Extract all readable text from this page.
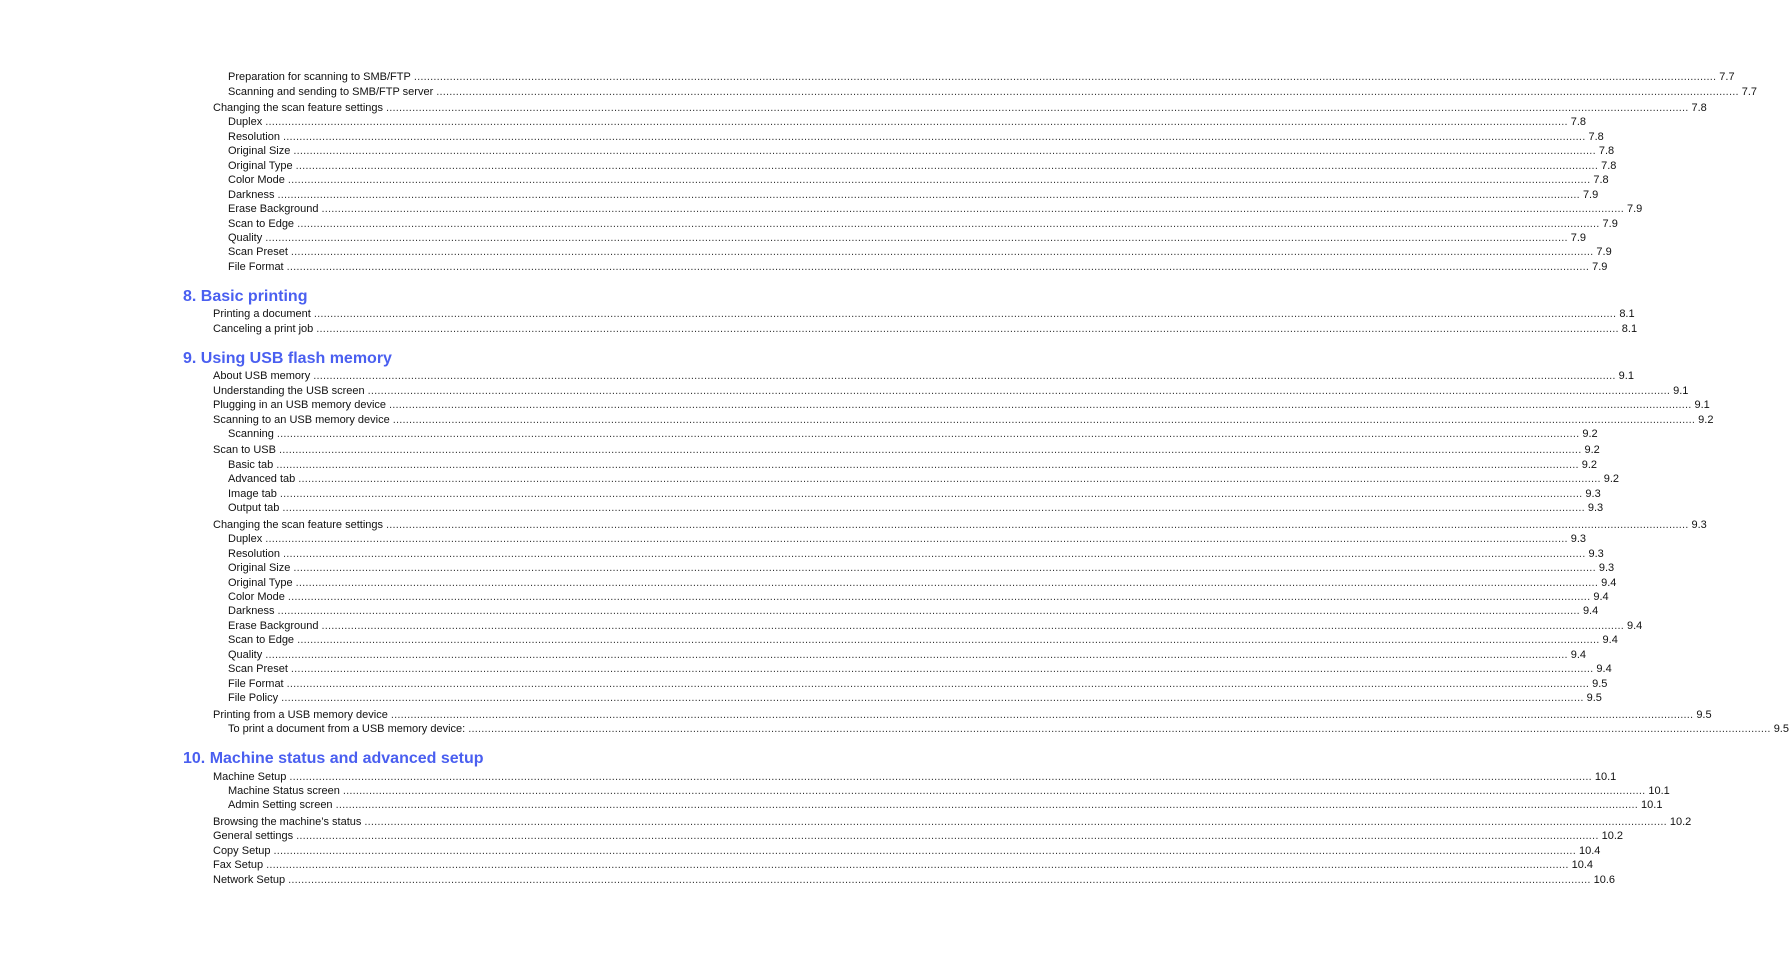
Preparation for scanning to SMB/FTP ................................................................................................................................................................................................................................................................................................................................................................................................................ 7.7
Scanning and sending to SMB/FTP server ................................................................................................................................................................................................................................................................................................................................................................................................................ 7.7
Changing the scan feature settings ................................................................................................................................................................................................................................................................................................................................................................................................................ 7.8
Duplex ................................................................................................................................................................................................................................................................................................................................................................................................................ 7.8
Resolution ................................................................................................................................................................................................................................................................................................................................................................................................................ 7.8
Original Size ................................................................................................................................................................................................................................................................................................................................................................................................................ 7.8
Original Type ................................................................................................................................................................................................................................................................................................................................................................................................................ 7.8
Color Mode ................................................................................................................................................................................................................................................................................................................................................................................................................ 7.8
Darkness ................................................................................................................................................................................................................................................................................................................................................................................................................ 7.9
Erase Background ................................................................................................................................................................................................................................................................................................................................................................................................................ 7.9
Scan to Edge ................................................................................................................................................................................................................................................................................................................................................................................................................ 7.9
Quality ................................................................................................................................................................................................................................................................................................................................................................................................................ 7.9
Scan Preset ................................................................................................................................................................................................................................................................................................................................................................................................................ 7.9
File Format ................................................................................................................................................................................................................................................................................................................................................................................................................ 7.9
8. Basic printing
Printing a document ................................................................................................................................................................................................................................................................................................................................................................................................................ 8.1
Canceling a print job ................................................................................................................................................................................................................................................................................................................................................................................................................ 8.1
9. Using USB flash memory
About USB memory ................................................................................................................................................................................................................................................................................................................................................................................................................ 9.1
Understanding the USB screen ................................................................................................................................................................................................................................................................................................................................................................................................................ 9.1
Plugging in an USB memory device ................................................................................................................................................................................................................................................................................................................................................................................................................ 9.1
Scanning to an USB memory device ................................................................................................................................................................................................................................................................................................................................................................................................................ 9.2
Scanning ................................................................................................................................................................................................................................................................................................................................................................................................................ 9.2
Scan to USB ................................................................................................................................................................................................................................................................................................................................................................................................................ 9.2
Basic tab ................................................................................................................................................................................................................................................................................................................................................................................................................ 9.2
Advanced tab ................................................................................................................................................................................................................................................................................................................................................................................................................ 9.2
Image tab ................................................................................................................................................................................................................................................................................................................................................................................................................ 9.3
Output tab ................................................................................................................................................................................................................................................................................................................................................................................................................ 9.3
Changing the scan feature settings ................................................................................................................................................................................................................................................................................................................................................................................................................ 9.3
Duplex ................................................................................................................................................................................................................................................................................................................................................................................................................ 9.3
Resolution ................................................................................................................................................................................................................................................................................................................................................................................................................ 9.3
Original Size ................................................................................................................................................................................................................................................................................................................................................................................................................ 9.3
Original Type ................................................................................................................................................................................................................................................................................................................................................................................................................ 9.4
Color Mode ................................................................................................................................................................................................................................................................................................................................................................................................................ 9.4
Darkness ................................................................................................................................................................................................................................................................................................................................................................................................................ 9.4
Erase Background ................................................................................................................................................................................................................................................................................................................................................................................................................ 9.4
Scan to Edge ................................................................................................................................................................................................................................................................................................................................................................................................................ 9.4
Quality ................................................................................................................................................................................................................................................................................................................................................................................................................ 9.4
Scan Preset ................................................................................................................................................................................................................................................................................................................................................................................................................ 9.4
File Format ................................................................................................................................................................................................................................................................................................................................................................................................................ 9.5
File Policy ................................................................................................................................................................................................................................................................................................................................................................................................................ 9.5
Printing from a USB memory device ................................................................................................................................................................................................................................................................................................................................................................................................................ 9.5
To print a document from a USB memory device: ................................................................................................................................................................................................................................................................................................................................................................................................................ 9.5
10. Machine status and advanced setup
Machine Setup ................................................................................................................................................................................................................................................................................................................................................................................................................ 10.1
Machine Status screen ................................................................................................................................................................................................................................................................................................................................................................................................................ 10.1
Admin Setting screen ................................................................................................................................................................................................................................................................................................................................................................................................................ 10.1
Browsing the machine’s status ................................................................................................................................................................................................................................................................................................................................................................................................................ 10.2
General settings ................................................................................................................................................................................................................................................................................................................................................................................................................ 10.2
Copy Setup ................................................................................................................................................................................................................................................................................................................................................................................................................ 10.4
Fax Setup ................................................................................................................................................................................................................................................................................................................................................................................................................ 10.4
Network Setup ................................................................................................................................................................................................................................................................................................................................................................................................................ 10.6
